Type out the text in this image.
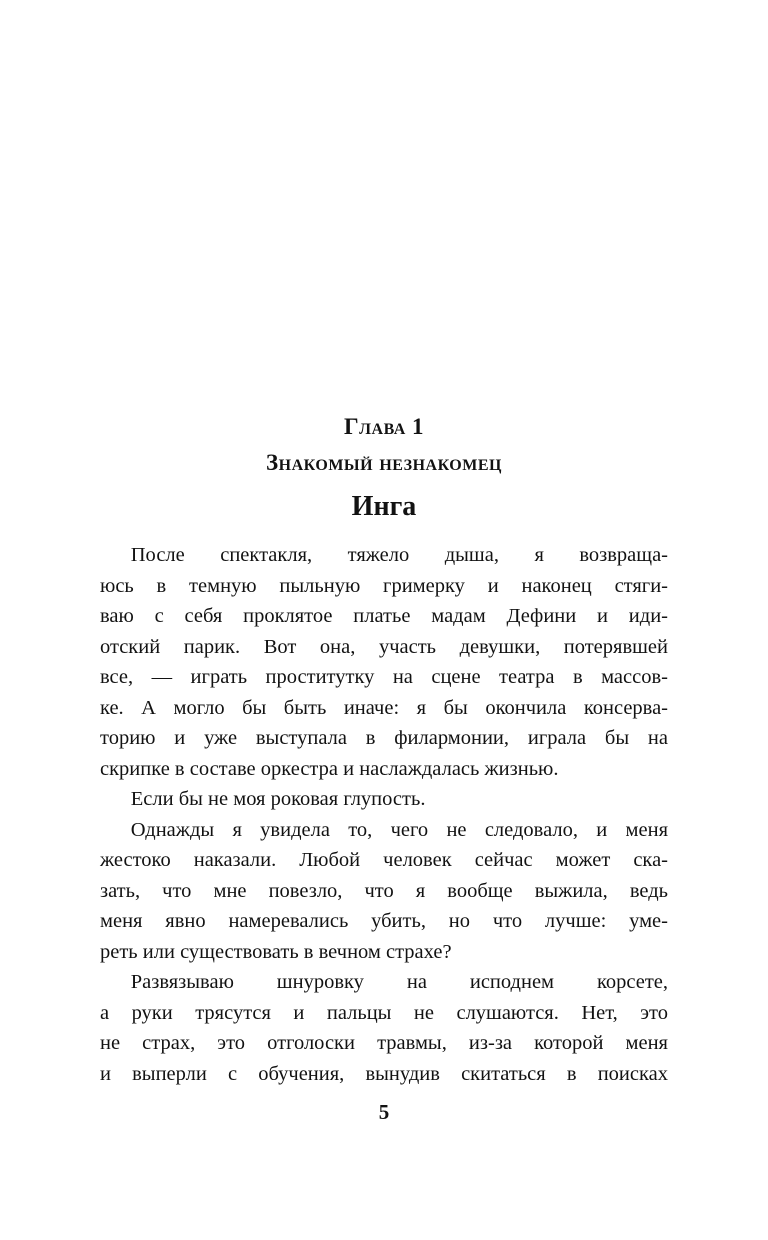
Глава 1
Знакомый незнакомец
Инга
После спектакля, тяжело дыша, я возвраща-
юсь в темную пыльную гримерку и наконец стяги-
ваю с себя проклятое платье мадам Дефини и иди-
отский парик. Вот она, участь девушки, потерявшей
все, — играть проститутку на сцене театра в массов-
ке. А могло бы быть иначе: я бы окончила консерва-
торию и уже выступала в филармонии, играла бы на
скрипке в составе оркестра и наслаждалась жизнью.
Если бы не моя роковая глупость.
Однажды я увидела то, чего не следовало, и меня
жестоко наказали. Любой человек сейчас может ска-
зать, что мне повезло, что я вообще выжила, ведь
меня явно намеревались убить, но что лучше: уме-
реть или существовать в вечном страхе?
Развязываю шнуровку на исподнем корсете,
а руки трясутся и пальцы не слушаются. Нет, это
не страх, это отголоски травмы, из-за которой меня
и выперли с обучения, вынудив скитаться в поисках
5
